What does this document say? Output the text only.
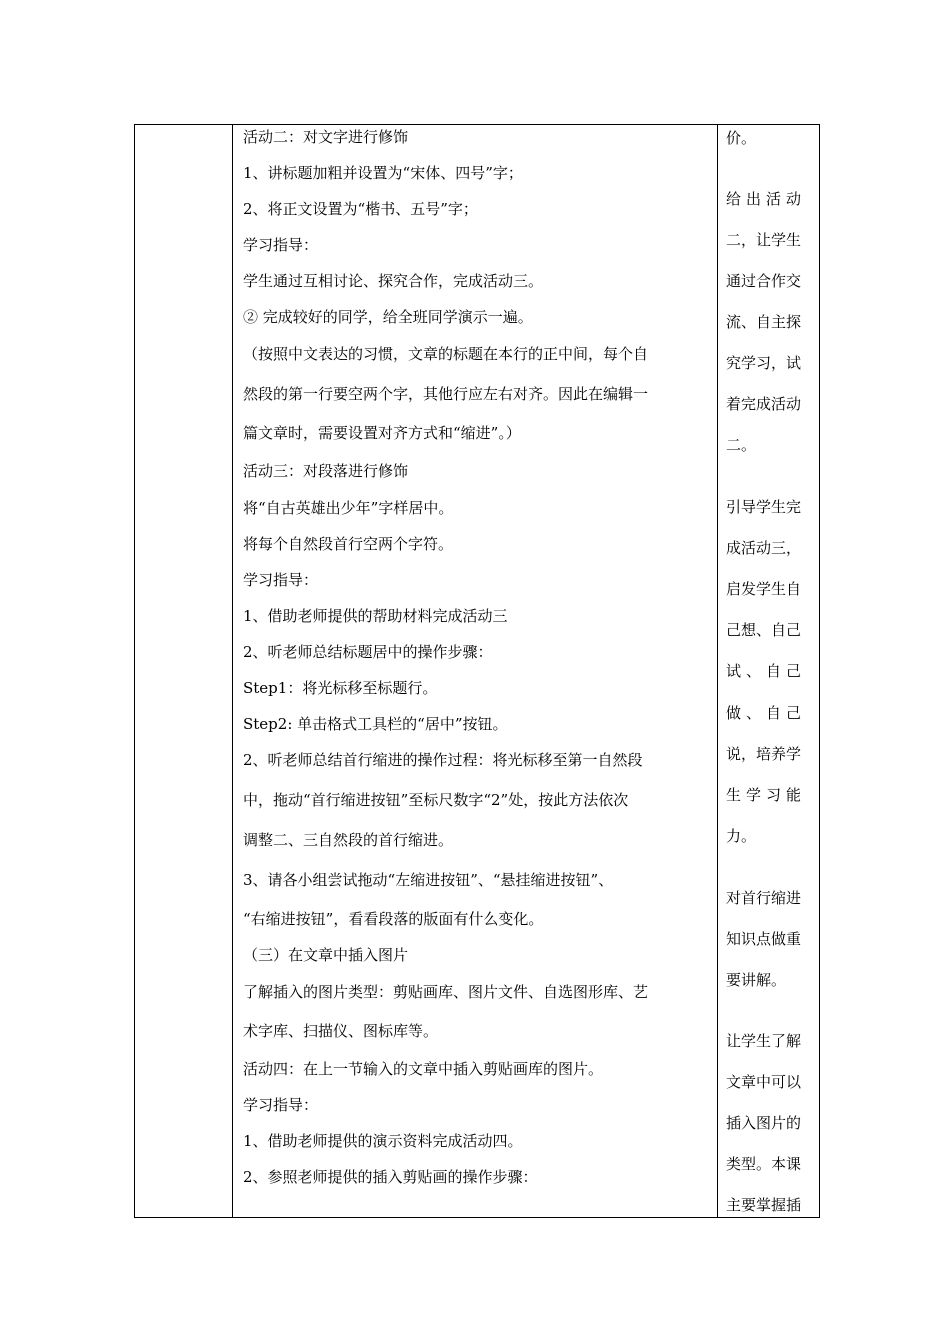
活动二：对文字进行修饰
1、讲标题加粗并设置为“宋体、四号”字；
2、将正文设置为“楷书、五号”字；
学习指导：
学生通过互相讨论、探究合作，完成活动三。
② 完成较好的同学，给全班同学演示一遍。
（按照中文表达的习惯，文章的标题在本行的正中间，每个自
然段的第一行要空两个字，其他行应左右对齐。因此在编辑一
篇文章时，需要设置对齐方式和“缩进”。）
活动三：对段落进行修饰
将“自古英雄出少年”字样居中。
将每个自然段首行空两个字符。
学习指导：
1、借助老师提供的帮助材料完成活动三
2、听老师总结标题居中的操作步骤：
Step1：将光标移至标题行。
Step2: 单击格式工具栏的“居中”按钮。
2、听老师总结首行缩进的操作过程：将光标移至第一自然段
中，拖动“首行缩进按钮”至标尺数字“2”处，按此方法依次
调整二、三自然段的首行缩进。
3、请各小组尝试拖动“左缩进按钮”、“悬挂缩进按钮”、
“右缩进按钮”，看看段落的版面有什么变化。
（三）在文章中插入图片
了解插入的图片类型：剪贴画库、图片文件、自选图形库、艺
术字库、扫描仪、图标库等。
活动四：在上一节输入的文章中插入剪贴画库的图片。
学习指导：
1、借助老师提供的演示资料完成活动四。
2、参照老师提供的插入剪贴画的操作步骤：
价。
给出活动
二，让学生
通过合作交
流、自主探
究学习，试
着完成活动
二。
引导学生完
成活动三，
启发学生自
己想、自己
试、自己
做、自己
说，培养学
生学习能
力。
对首行缩进
知识点做重
要讲解。
让学生了解
文章中可以
插入图片的
类型。本课
主要掌握插
